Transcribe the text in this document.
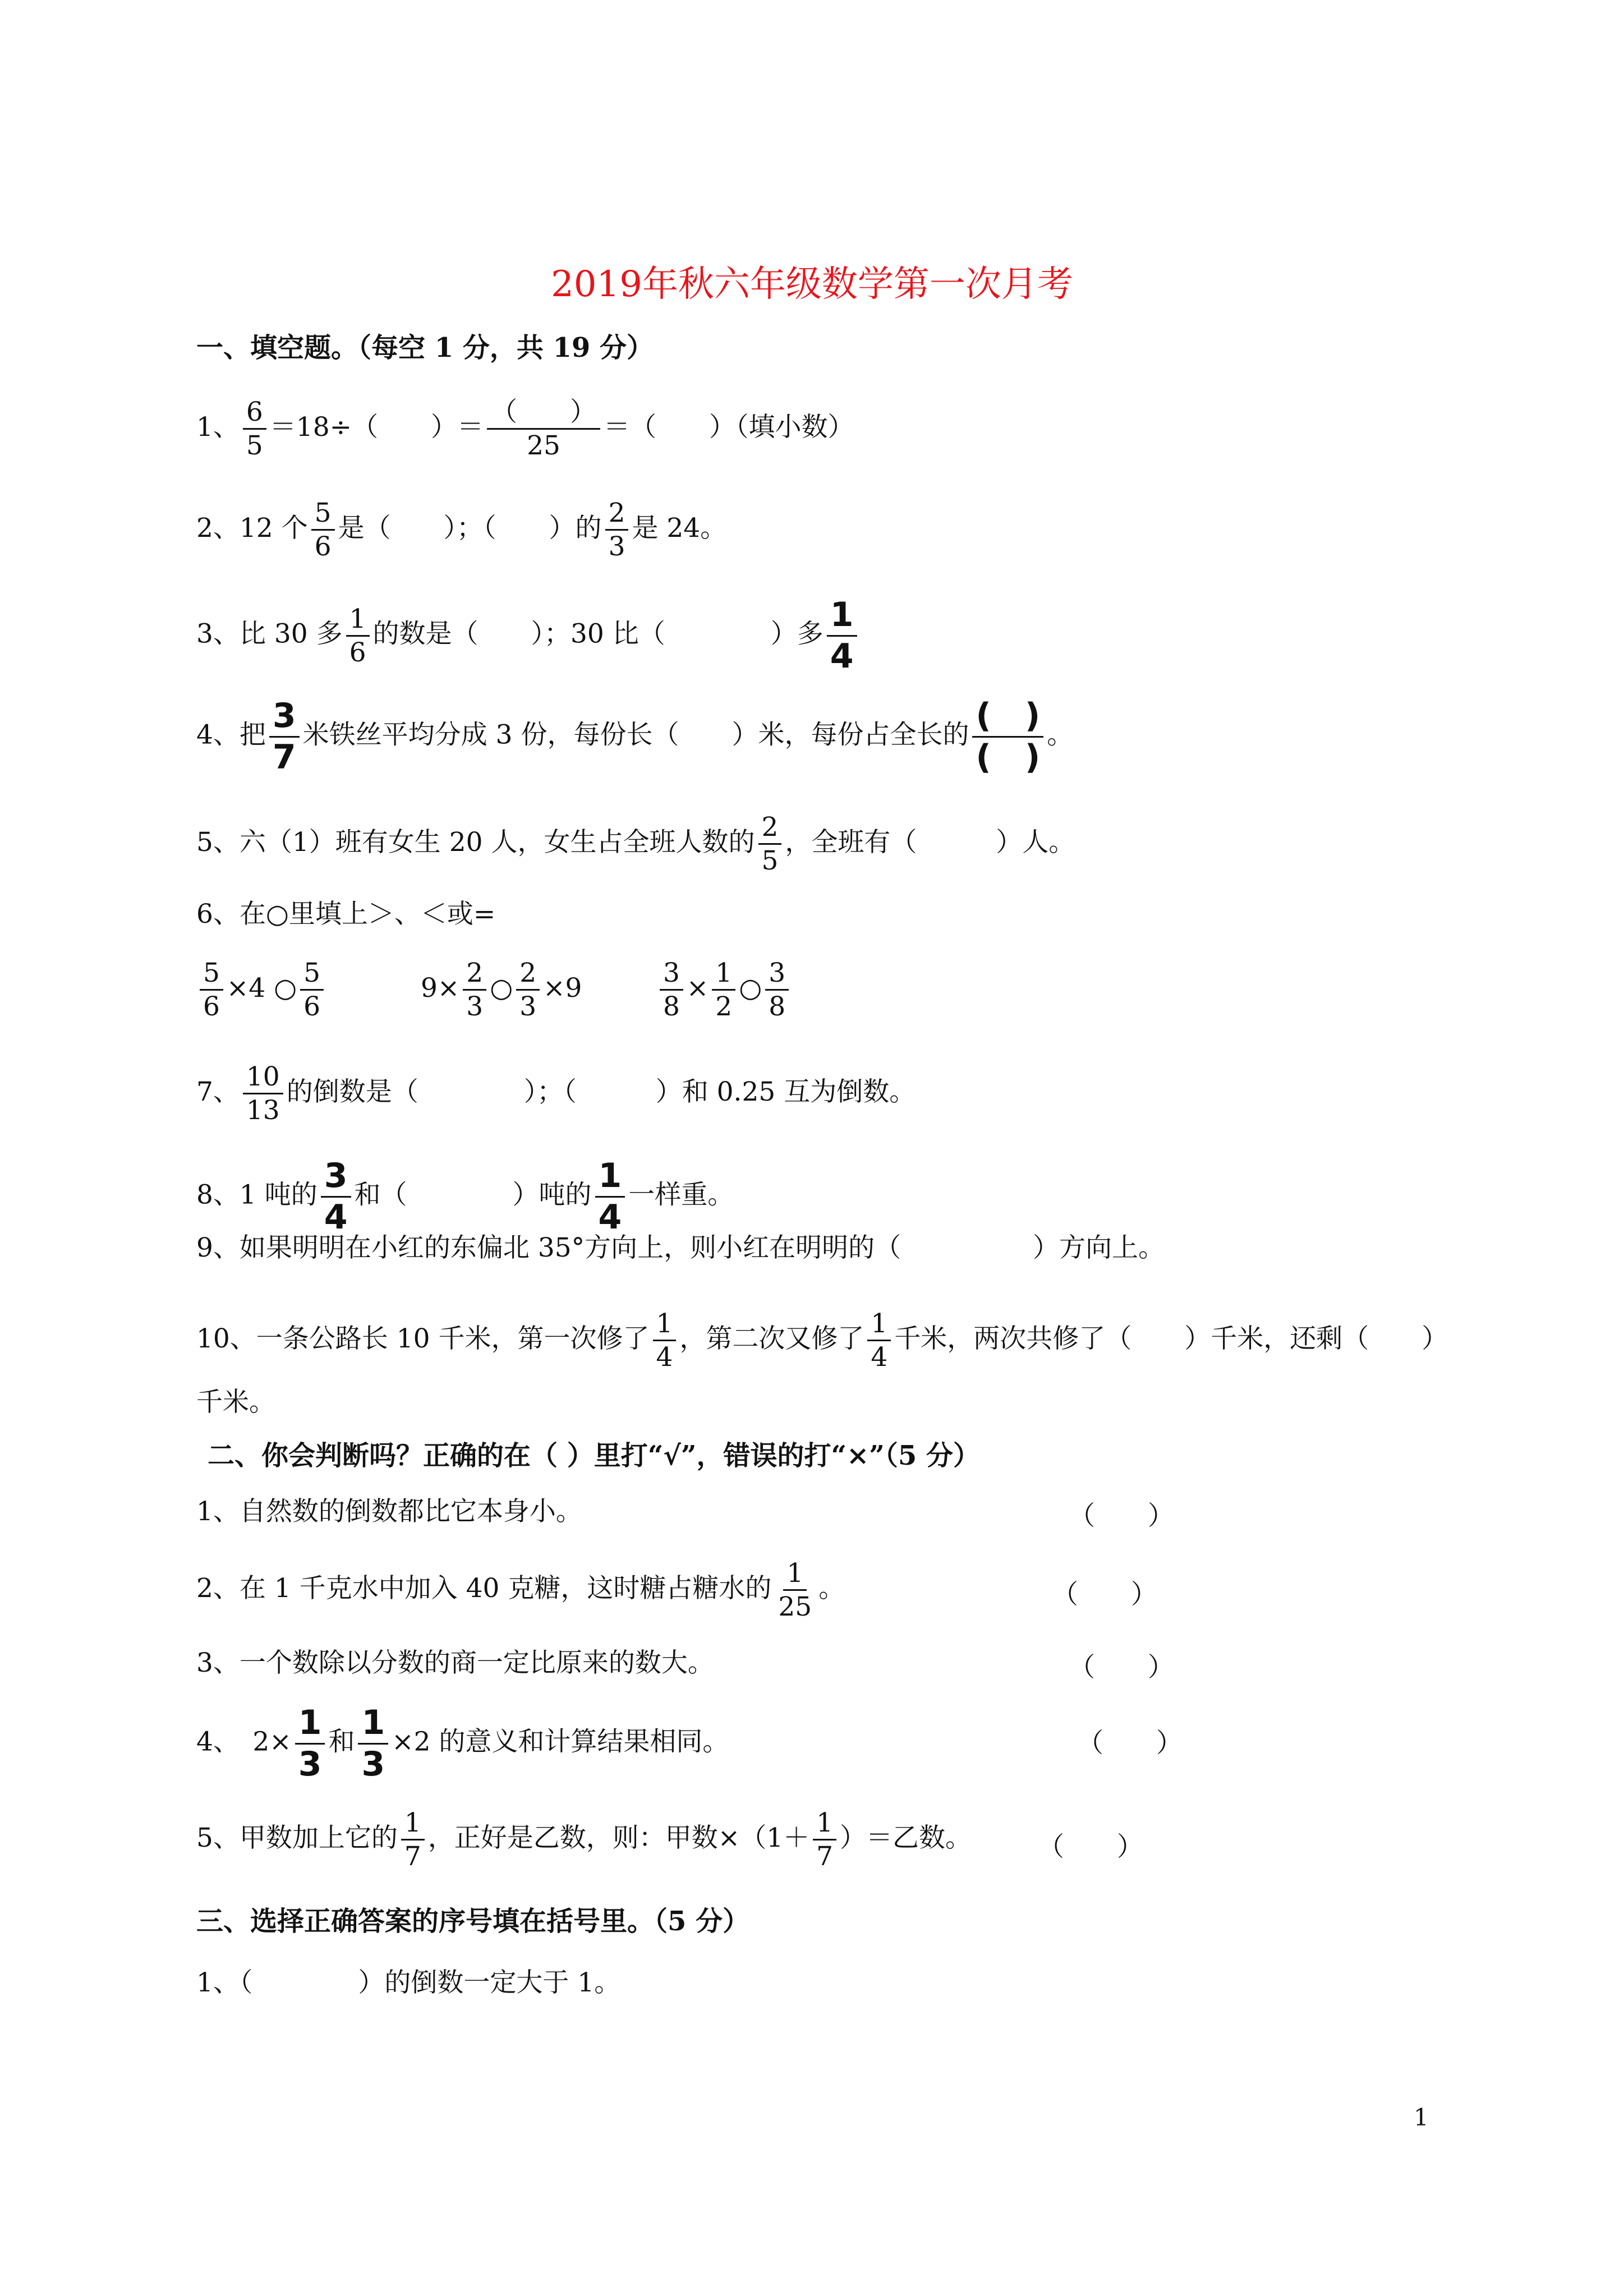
2019年秋六年级数学第一次月考
一、填空题。（每空 1 分，共 19 分）
1、 $\frac{6}{5} =18\div$（　　）＝ $\frac{( )}{25}$ ＝（　　）（填小数）
2、12 个 $\frac{5}{6}$ 是（　　）；（　　）的 $\frac{2}{3}$ 是 24。
3、比 30 多 $\frac{1}{6}$ 的数是（　　）；30 比（　　　　）多 $\frac{1}{4}$
4、把 $\frac{3}{7}$ 米铁丝平均分成 3 份，每份长（　　）米，每份占全长的 $\frac{( )}{( )}$ 。
5、六（1）班有女生 20 人，女生占全班人数的 $\frac{2}{5}$ ，全班有（　　　）人。
6、在○里填上＞、＜或=
$\frac{5}{6} \times 4$ ○ $\frac{5}{6}$	$9\times \frac{2}{3}$ ○ $\frac{2}{3} \times 9$	$\frac{3}{8} \times \frac{1}{2}$ ○ $\frac{3}{8}$
7、 $\frac{10}{13}$ 的倒数是（　　　　）；（　　　）和 0.25 互为倒数。
8、1 吨的 $\frac{3}{4}$ 和（　　　　）吨的 $\frac{1}{4}$ 一样重。
9、如果明明在小红的东偏北 35°方向上，则小红在明明的（　　　　　）方向上。
10、一条公路长 10 千米，第一次修了 $\frac{1}{4}$ ，第二次又修了 $\frac{1}{4}$ 千米，两次共修了（　　）千米，还剩（　　）
千米。
二、你会判断吗？正确的在（ ）里打“√”，错误的打“×”（5 分）
1、自然数的倒数都比它本身小。	（　　）
2、在 1 千克水中加入 40 克糖，这时糖占糖水的 $\frac{1}{25}$ 。	（　　）
3、一个数除以分数的商一定比原来的数大。	（　　）
4、　$2\times \frac{1}{3}$ 和 $\frac{1}{3} \times 2$ 的意义和计算结果相同。	（　　）
5、甲数加上它的 $\frac{1}{7}$ ，正好是乙数，则：甲数$\times(1+ \frac{1}{7}$ ）＝乙数。	（　　）
三、选择正确答案的序号填在括号里。（5 分）
1、（　　　　）的倒数一定大于 1。
1
